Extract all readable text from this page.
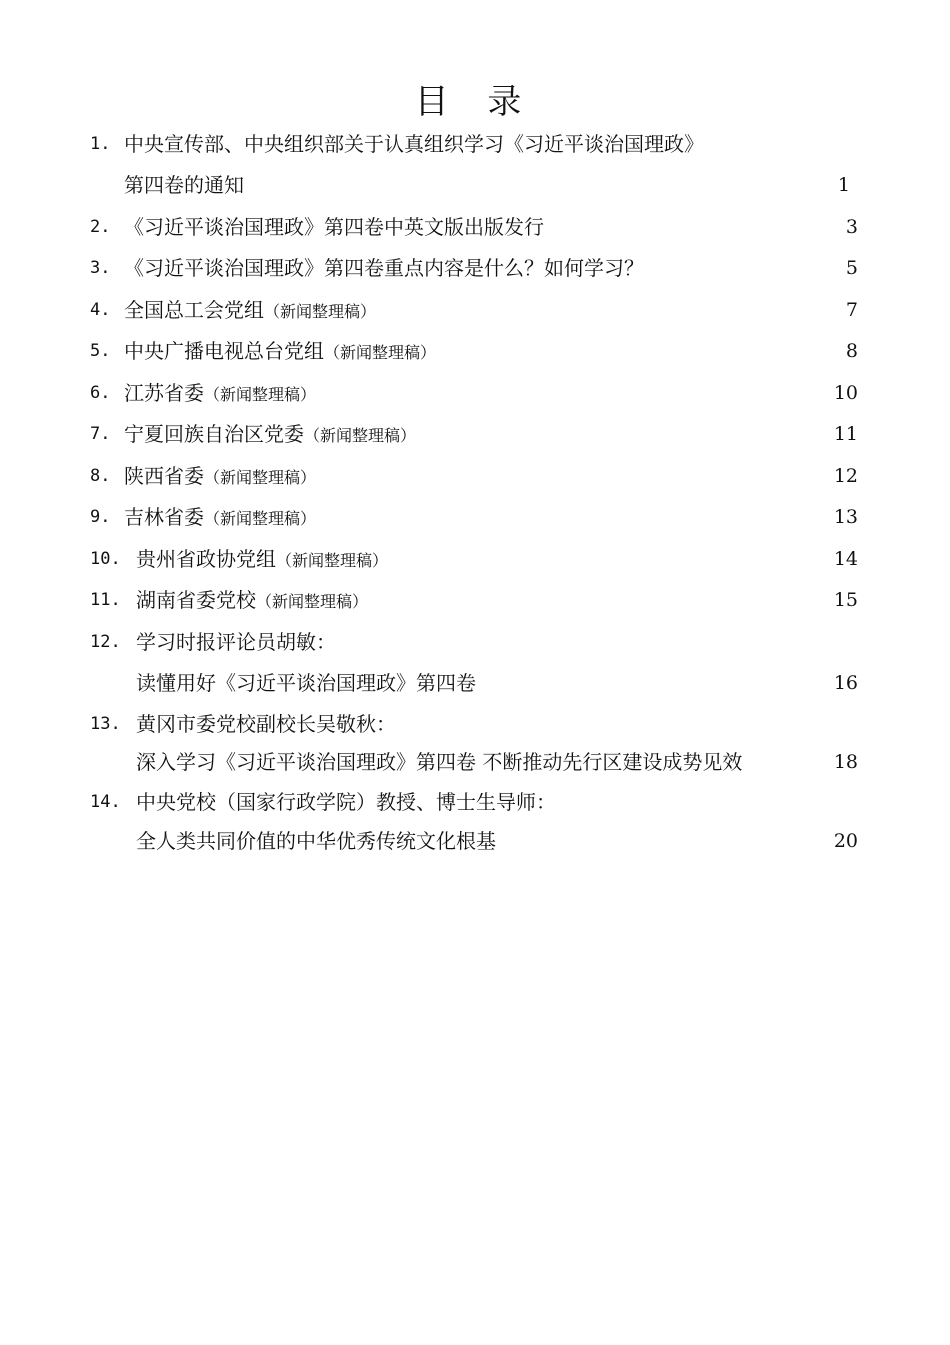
目 录
1. 中央宣传部、中央组织部关于认真组织学习《习近平谈治国理政》
第四卷的通知	1
2. 《习近平谈治国理政》第四卷中英文版出版发行	3
3. 《习近平谈治国理政》第四卷重点内容是什么？如何学习？	5
4. 全国总工会党组（新闻整理稿）	7
5. 中央广播电视总台党组（新闻整理稿）	8
6. 江苏省委（新闻整理稿）	10
7. 宁夏回族自治区党委（新闻整理稿）	11
8. 陕西省委（新闻整理稿）	12
9. 吉林省委（新闻整理稿）	13
10. 贵州省政协党组（新闻整理稿）	14
11. 湖南省委党校（新闻整理稿）	15
12. 学习时报评论员胡敏：
读懂用好《习近平谈治国理政》第四卷	16
13. 黄冈市委党校副校长吴敬秋：
深入学习《习近平谈治国理政》第四卷 不断推动先行区建设成势见效	18
14. 中央党校（国家行政学院）教授、博士生导师：
全人类共同价值的中华优秀传统文化根基	20
